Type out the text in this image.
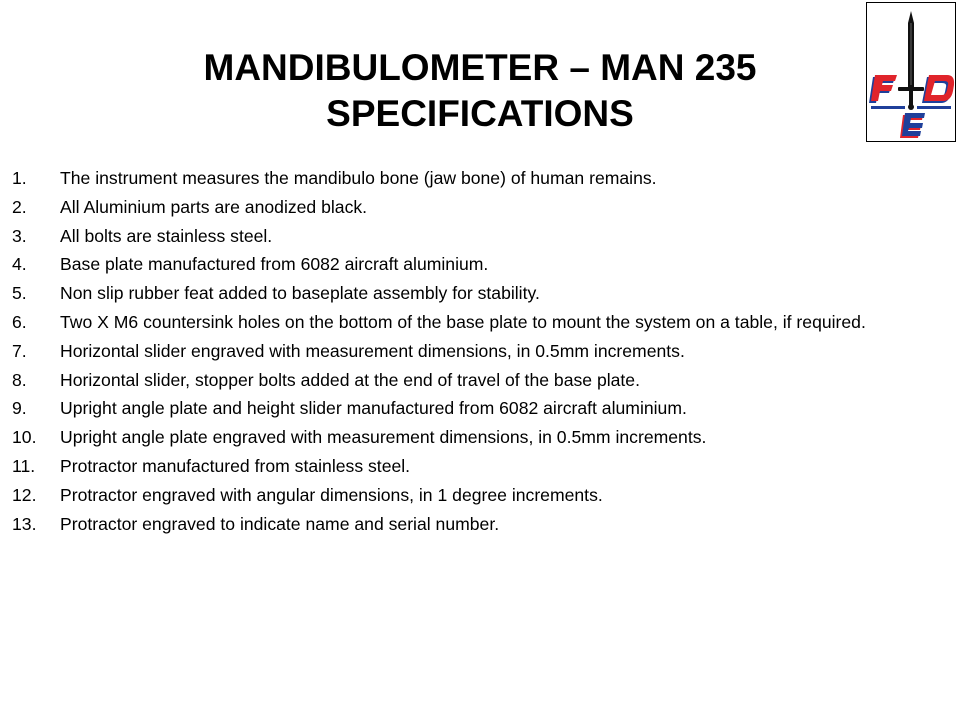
MANDIBULOMETER – MAN 235
SPECIFICATIONS
1.	The instrument measures the mandibulo bone (jaw bone) of human remains.
2.	All Aluminium parts are anodized black.
3.	All bolts are stainless steel.
4.	Base plate manufactured from 6082 aircraft aluminium.
5.	Non slip rubber feat added to baseplate assembly for stability.
6.	Two X M6 countersink holes on the bottom of the base plate to mount the system on a table, if required.
7.	Horizontal slider engraved with measurement dimensions, in 0.5mm increments.
8.	Horizontal slider, stopper bolts added at the end of travel of the base plate.
9.	Upright angle plate and height slider manufactured from 6082 aircraft aluminium.
10.	Upright angle plate engraved with measurement dimensions, in 0.5mm increments.
11.	Protractor manufactured from stainless steel.
12.	Protractor engraved with angular dimensions, in 1 degree increments.
13.	Protractor engraved to indicate name and serial number.
